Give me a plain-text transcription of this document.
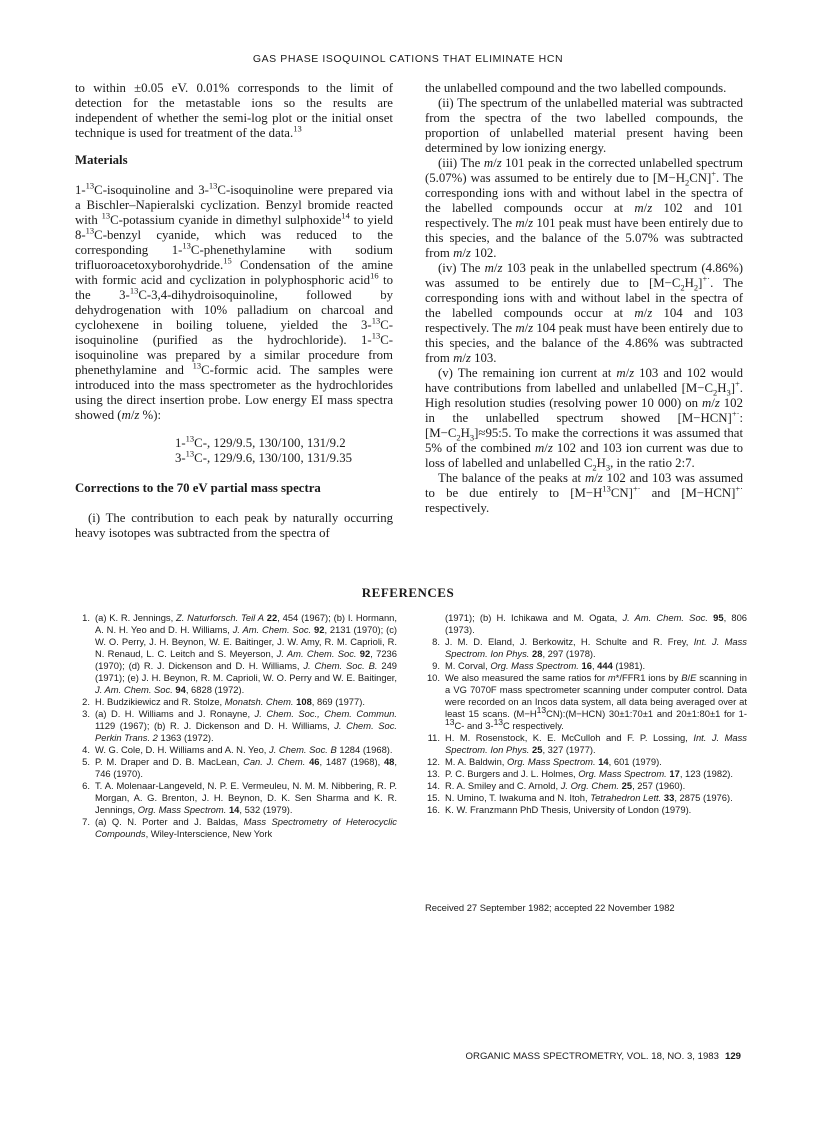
GAS PHASE ISOQUINOL CATIONS THAT ELIMINATE HCN

to within ±0.05 eV. 0.01% corresponds to the limit of detection for the metastable ions so the results are independent of whether the semi-log plot or the initial onset technique is used for treatment of the data.$^{13}$

Materials

1-$^{13}$C-isoquinoline and 3-$^{13}$C-isoquinoline were prepared via a Bischler–Napieralski cyclization. Benzyl bromide reacted with $^{13}$C-potassium cyanide in dimethyl sulphoxide$^{14}$ to yield 8-$^{13}$C-benzyl cyanide, which was reduced to the corresponding 1-$^{13}$C-phenethylamine with sodium trifluoroacetoxyborohydride.$^{15}$ Condensation of the amine with formic acid and cyclization in polyphosphoric acid$^{16}$ to the 3-$^{13}$C-3,4-dihydroisoquinoline, followed by dehydrogenation with 10% palladium on charcoal and cyclohexene in boiling toluene, yielded the 3-$^{13}$C-isoquinoline (purified as the hydrochloride). 1-$^{13}$C-isoquinoline was prepared by a similar procedure from phenethylamine and $^{13}$C-formic acid. The samples were introduced into the mass spectrometer as the hydrochlorides using the direct insertion probe. Low energy EI mass spectra showed (m/z %):

1-$^{13}$C-, 129/9.5, 130/100, 131/9.2
3-$^{13}$C-, 129/9.6, 130/100, 131/9.35
Corrections to the 70 eV partial mass spectra

(i) The contribution to each peak by naturally occurring heavy isotopes was subtracted from the spectra of

the unlabelled compound and the two labelled compounds.

(ii) The spectrum of the unlabelled material was subtracted from the spectra of the two labelled compounds, the proportion of unlabelled material present having been determined by low ionizing energy.

(iii) The m/z 101 peak in the corrected unlabelled spectrum (5.07%) was assumed to be entirely due to $[M-H_2CN]^+$. The corresponding ions with and without label in the spectra of the labelled compounds occur at m/z 102 and 101 respectively. The m/z 101 peak must have been entirely due to this species, and the balance of the 5.07% was subtracted from m/z 102.

(iv) The m/z 103 peak in the unlabelled spectrum (4.86%) was assumed to be entirely due to $[M-C_2H_2]^{+\cdot}$. The corresponding ions with and without label in the spectra of the labelled compounds occur at m/z 104 and 103 respectively. The m/z 104 peak must have been entirely due to this species, and the balance of the 4.86% was subtracted from m/z 103.

(v) The remaining ion current at m/z 103 and 102 would have contributions from labelled and unlabelled $[M-C_2H_3]^+$. High resolution studies (resolving power 10 000) on m/z 102 in the unlabelled spectrum showed [M−HCN]+·: $[M-C_2H_3]\approx 95:5$. To make the corrections it was assumed that 5% of the combined m/z 102 and 103 ion current was due to loss of labelled and unlabelled $C_2H_3$, in the ratio 2:7.

The balance of the peaks at m/z 102 and 103 was assumed to be due entirely to $[M-H^{13}CN]^{+\cdot}$ and [M−HCN]+· respectively.

REFERENCES
1. (a) K. R. Jennings, Z. Naturforsch. Teil A 22, 454 (1967); (b) I. Hormann, A. N. H. Yeo and D. H. Williams, J. Am. Chem. Soc. 92, 2131 (1970); (c) W. O. Perry, J. H. Beynon, W. E. Baitinger, J. W. Amy, R. M. Caprioli, R. N. Renaud, L. C. Leitch and S. Meyerson, J. Am. Chem. Soc. 92, 7236 (1970); (d) R. J. Dickenson and D. H. Williams, J. Chem. Soc. B. 249 (1971); (e) J. H. Beynon, R. M. Caprioli, W. O. Perry and W. E. Baitinger, J. Am. Chem. Soc. 94, 6828 (1972).
2. H. Budzikiewicz and R. Stolze, Monatsh. Chem. 108, 869 (1977).
3. (a) D. H. Williams and J. Ronayne, J. Chem. Soc., Chem. Commun. 1129 (1967); (b) R. J. Dickenson and D. H. Williams, J. Chem. Soc. Perkin Trans. 2 1363 (1972).
4. W. G. Cole, D. H. Williams and A. N. Yeo, J. Chem. Soc. B 1284 (1968).
5. P. M. Draper and D. B. MacLean, Can. J. Chem. 46, 1487 (1968), 48, 746 (1970).
6. T. A. Molenaar-Langeveld, N. P. E. Vermeuleu, N. M. M. Nibbering, R. P. Morgan, A. G. Brenton, J. H. Beynon, D. K. Sen Sharma and K. R. Jennings, Org. Mass Spectrom. 14, 532 (1979).
7. (a) Q. N. Porter and J. Baldas, Mass Spectrometry of Heterocyclic Compounds, Wiley-Interscience, New York
(1971); (b) H. Ichikawa and M. Ogata, J. Am. Chem. Soc. 95, 806 (1973).
8. J. M. D. Eland, J. Berkowitz, H. Schulte and R. Frey, Int. J. Mass Spectrom. Ion Phys. 28, 297 (1978).
9. M. Corval, Org. Mass Spectrom. 16, 444 (1981).
10. We also measured the same ratios for m*/FFR1 ions by B/E scanning in a VG 7070F mass spectrometer scanning under computer control. Data were recorded on an Incos data system, all data being averaged over at least 15 scans. $(M-H^{13}CN):(M-HCN)$ 30±1:70±1 and 20±1:80±1 for 1-$^{13}$C- and 3-$^{13}$C respectively.
11. H. M. Rosenstock, K. E. McCulloh and F. P. Lossing, Int. J. Mass Spectrom. Ion Phys. 25, 327 (1977).
12. M. A. Baldwin, Org. Mass Spectrom. 14, 601 (1979).
13. P. C. Burgers and J. L. Holmes, Org. Mass Spectrom. 17, 123 (1982).
14. R. A. Smiley and C. Arnold, J. Org. Chem. 25, 257 (1960).
15. N. Umino, T. Iwakuma and N. Itoh, Tetrahedron Lett. 33, 2875 (1976).
16. K. W. Franzmann PhD Thesis, University of London (1979).
Received 27 September 1982; accepted 22 November 1982
ORGANIC MASS SPECTROMETRY, VOL. 18, NO. 3, 1983 129
